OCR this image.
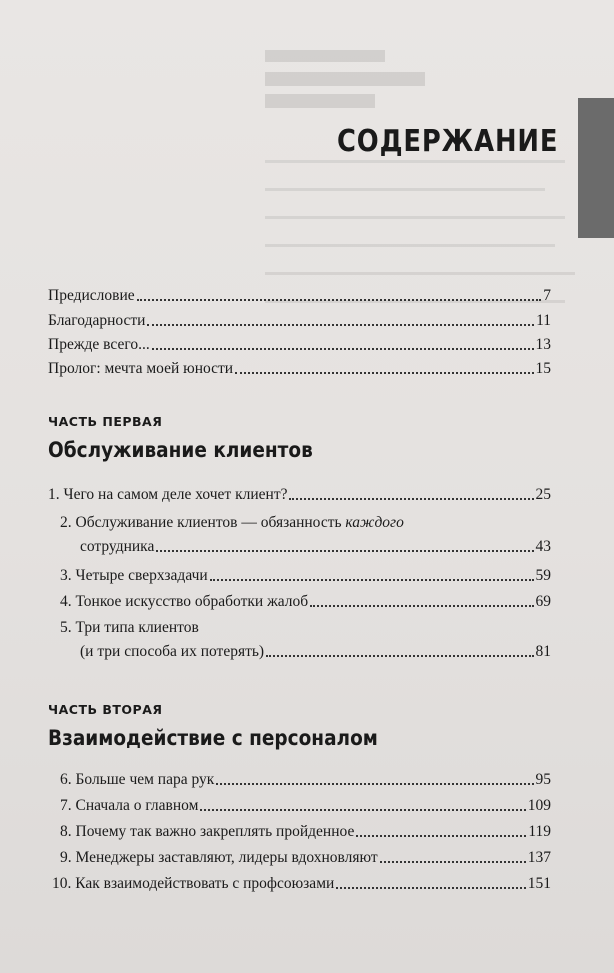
СОДЕРЖАНИЕ
Предисловие	7
Благодарности	11
Прежде всего...	13
Пролог: мечта моей юности	15
ЧАСТЬ ПЕРВАЯ
Обслуживание клиентов
1. Чего на самом деле хочет клиент?	25
2. Обслуживание клиентов — обязанность каждого
сотрудника	43
3. Четыре сверхзадачи	59
4. Тонкое искусство обработки жалоб	69
5. Три типа клиентов
(и три способа их потерять)	81
ЧАСТЬ ВТОРАЯ
Взаимодействие с персоналом
6. Больше чем пара рук	95
7. Сначала о главном	109
8. Почему так важно закреплять пройденное	119
9. Менеджеры заставляют, лидеры вдохновляют	137
10. Как взаимодействовать с профсоюзами	151
